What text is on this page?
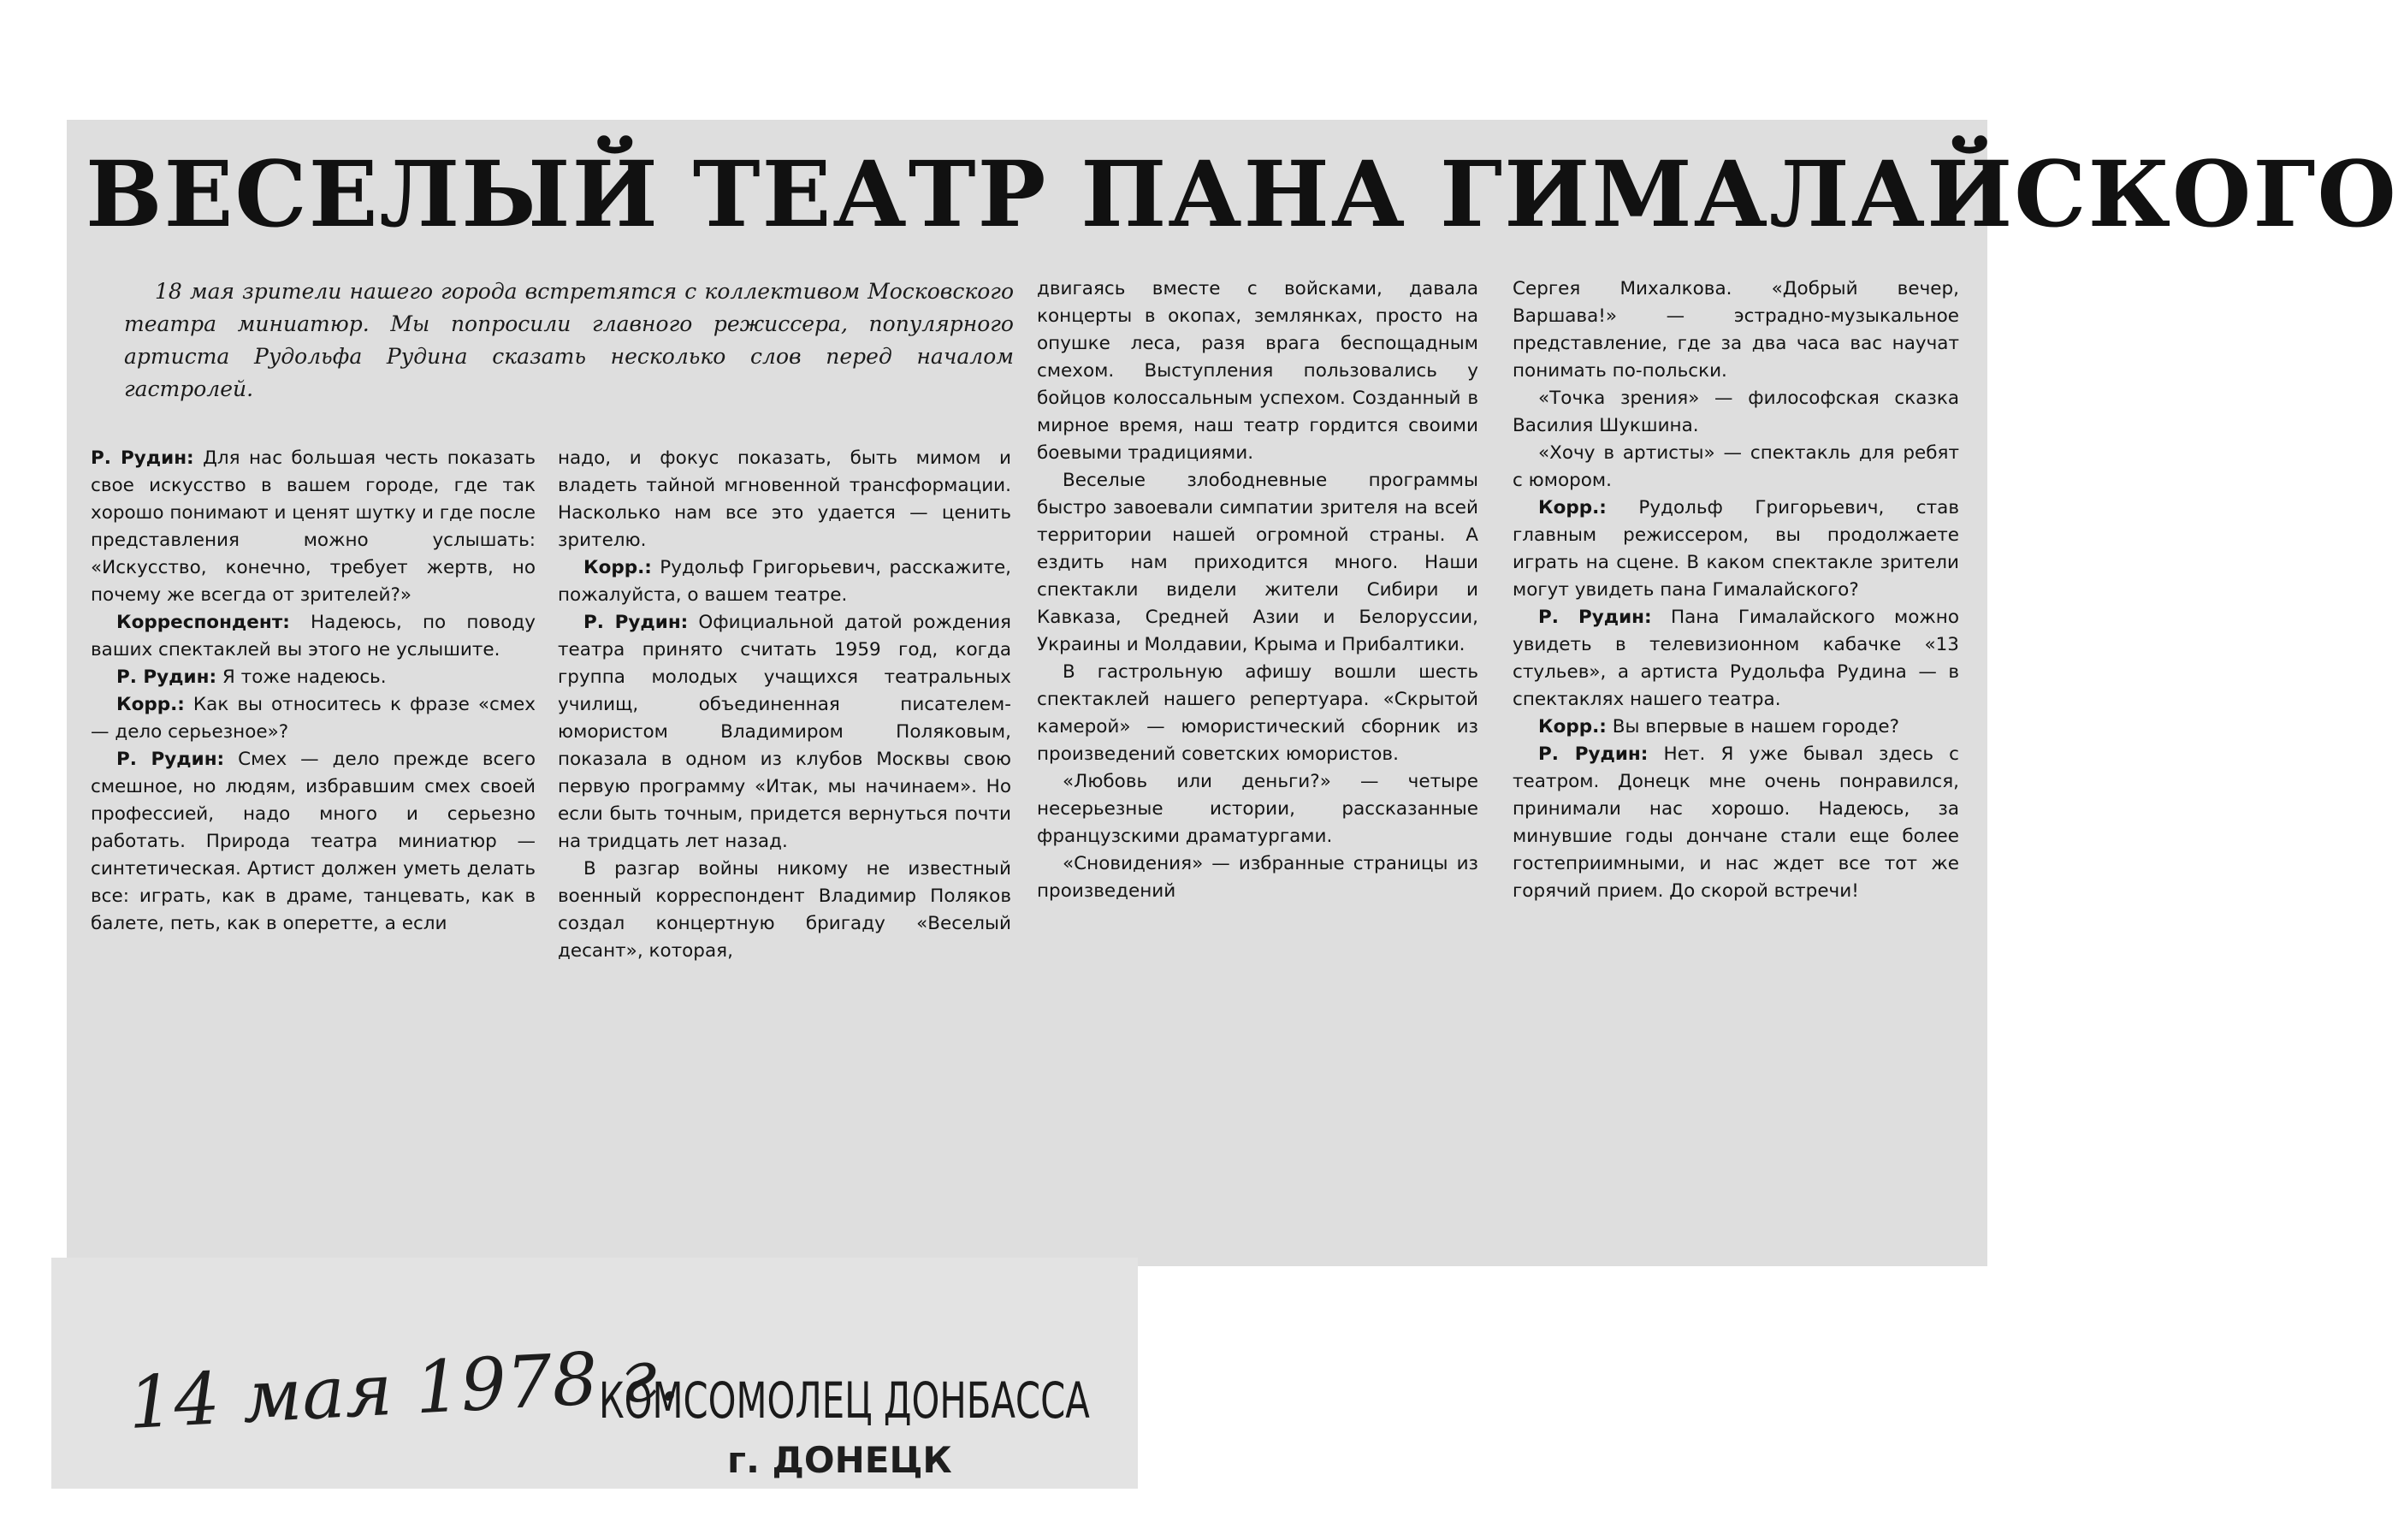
ВЕСЕЛЫЙ ТЕАТР ПАНА ГИМАЛАЙСКОГО
18 мая зрители нашего города встретятся с коллективом Московского театра миниатюр. Мы попросили главного режиссера, популярного артиста Рудольфа Рудина сказать несколько слов перед началом гастролей.

Р. Рудин: Для нас большая честь показать свое искусство в вашем городе, где так хорошо понимают и ценят шутку и где после представления можно услышать: «Искусство, конечно, требует жертв, но почему же всегда от зрителей?»

Корреспондент: Надеюсь, по поводу ваших спектаклей вы этого не услышите.

Р. Рудин: Я тоже надеюсь.

Корр.: Как вы относитесь к фразе «смех — дело серьезное»?

Р. Рудин: Смех — дело прежде всего смешное, но людям, избравшим смех своей профессией, надо много и серьезно работать. Природа театра миниатюр — синтетическая. Артист должен уметь делать все: играть, как в драме, танцевать, как в балете, петь, как в оперетте, а если

надо, и фокус показать, быть мимом и владеть тайной мгновенной трансформации. Насколько нам все это удается — ценить зрителю.

Корр.: Рудольф Григорьевич, расскажите, пожалуйста, о вашем театре.

Р. Рудин: Официальной датой рождения театра принято считать 1959 год, когда группа молодых учащихся театральных училищ, объединенная писателем-юмористом Владимиром Поляковым, показала в одном из клубов Москвы свою первую программу «Итак, мы начинаем». Но если быть точным, придется вернуться почти на тридцать лет назад.

В разгар войны никому не известный военный корреспондент Владимир Поляков создал концертную бригаду «Веселый десант», которая,

двигаясь вместе с войсками, давала концерты в окопах, землянках, просто на опушке леса, разя врага беспощадным смехом. Выступления пользовались у бойцов колоссальным успехом. Созданный в мирное время, наш театр гордится своими боевыми традициями.

Веселые злободневные программы быстро завоевали симпатии зрителя на всей территории нашей огромной страны. А ездить нам приходится много. Наши спектакли видели жители Сибири и Кавказа, Средней Азии и Белоруссии, Украины и Молдавии, Крыма и Прибалтики.

В гастрольную афишу вошли шесть спектаклей нашего репертуара. «Скрытой камерой» — юмористический сборник из произведений советских юмористов.

«Любовь или деньги?» — четыре несерьезные истории, рассказанные французскими драматургами.

«Сновидения» — избранные страницы из произведений

Сергея Михалкова. «Добрый вечер, Варшава!» — эстрадно-музыкальное представление, где за два часа вас научат понимать по-польски.

«Точка зрения» — философская сказка Василия Шукшина.

«Хочу в артисты» — спектакль для ребят с юмором.

Корр.: Рудольф Григорьевич, став главным режиссером, вы продолжаете играть на сцене. В каком спектакле зрители могут увидеть пана Гималайского?

Р. Рудин: Пана Гималайского можно увидеть в телевизионном кабачке «13 стульев», а артиста Рудольфа Рудина — в спектаклях нашего театра.

Корр.: Вы впервые в нашем городе?

Р. Рудин: Нет. Я уже бывал здесь с театром. Донецк мне очень понравился, принимали нас хорошо. Надеюсь, за минувшие годы дончане стали еще более гостеприимными, и нас ждет все тот же горячий прием. До скорой встречи!

14 мая 1978 г.
КОМСОМОЛЕЦ ДОНБАССА
г. ДОНЕЦК
